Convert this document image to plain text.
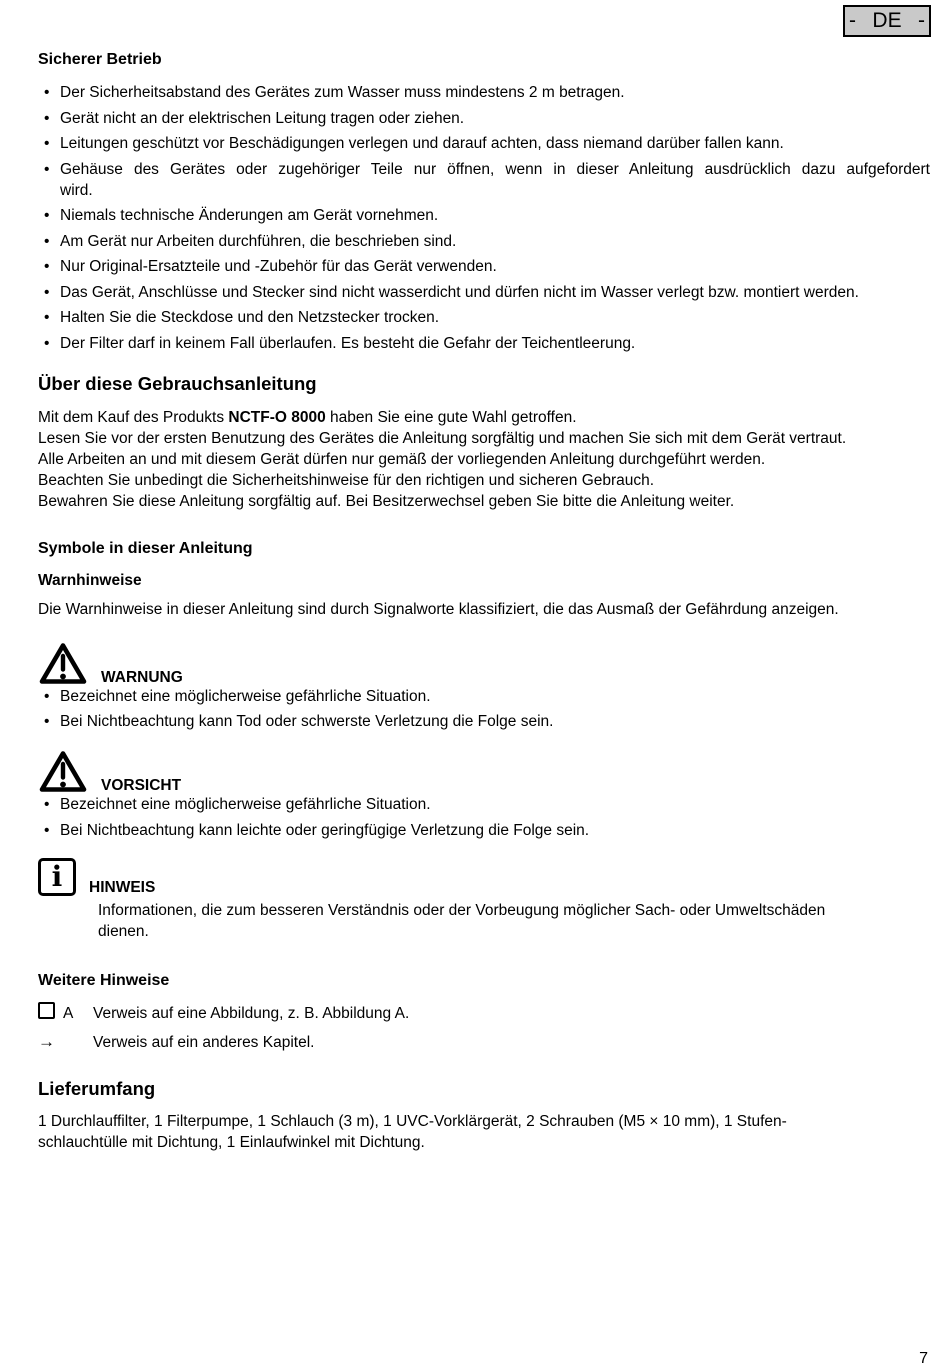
- DE -
Sicherer Betrieb
• Der Sicherheitsabstand des Gerätes zum Wasser muss mindestens 2 m betragen.
• Gerät nicht an der elektrischen Leitung tragen oder ziehen.
• Leitungen geschützt vor Beschädigungen verlegen und darauf achten, dass niemand darüber fallen kann.
• Gehäuse des Gerätes oder zugehöriger Teile nur öffnen, wenn in dieser Anleitung ausdrücklich dazu aufgefordert
wird.
• Niemals technische Änderungen am Gerät vornehmen.
• Am Gerät nur Arbeiten durchführen, die beschrieben sind.
• Nur Original-Ersatzteile und -Zubehör für das Gerät verwenden.
• Das Gerät, Anschlüsse und Stecker sind nicht wasserdicht und dürfen nicht im Wasser verlegt bzw. montiert werden.
• Halten Sie die Steckdose und den Netzstecker trocken.
• Der Filter darf in keinem Fall überlaufen. Es besteht die Gefahr der Teichentleerung.
Über diese Gebrauchsanleitung
Mit dem Kauf des Produkts NCTF-O 8000 haben Sie eine gute Wahl getroffen.
Lesen Sie vor der ersten Benutzung des Gerätes die Anleitung sorgfältig und machen Sie sich mit dem Gerät vertraut.
Alle Arbeiten an und mit diesem Gerät dürfen nur gemäß der vorliegenden Anleitung durchgeführt werden.
Beachten Sie unbedingt die Sicherheitshinweise für den richtigen und sicheren Gebrauch.
Bewahren Sie diese Anleitung sorgfältig auf. Bei Besitzerwechsel geben Sie bitte die Anleitung weiter.
Symbole in dieser Anleitung
Warnhinweise
Die Warnhinweise in dieser Anleitung sind durch Signalworte klassifiziert, die das Ausmaß der Gefährdung anzeigen.
WARNUNG
• Bezeichnet eine möglicherweise gefährliche Situation.
• Bei Nichtbeachtung kann Tod oder schwerste Verletzung die Folge sein.
VORSICHT
• Bezeichnet eine möglicherweise gefährliche Situation.
• Bei Nichtbeachtung kann leichte oder geringfügige Verletzung die Folge sein.
i HINWEIS
Informationen, die zum besseren Verständnis oder der Vorbeugung möglicher Sach- oder Umweltschäden
dienen.
Weitere Hinweise
A	Verweis auf eine Abbildung, z. B. Abbildung A.
→	Verweis auf ein anderes Kapitel.
Lieferumfang
1 Durchlauffilter, 1 Filterpumpe, 1 Schlauch (3 m), 1 UVC-Vorklärgerät, 2 Schrauben (M5 × 10 mm), 1 Stufen-
schlauchtülle mit Dichtung, 1 Einlaufwinkel mit Dichtung.
7
